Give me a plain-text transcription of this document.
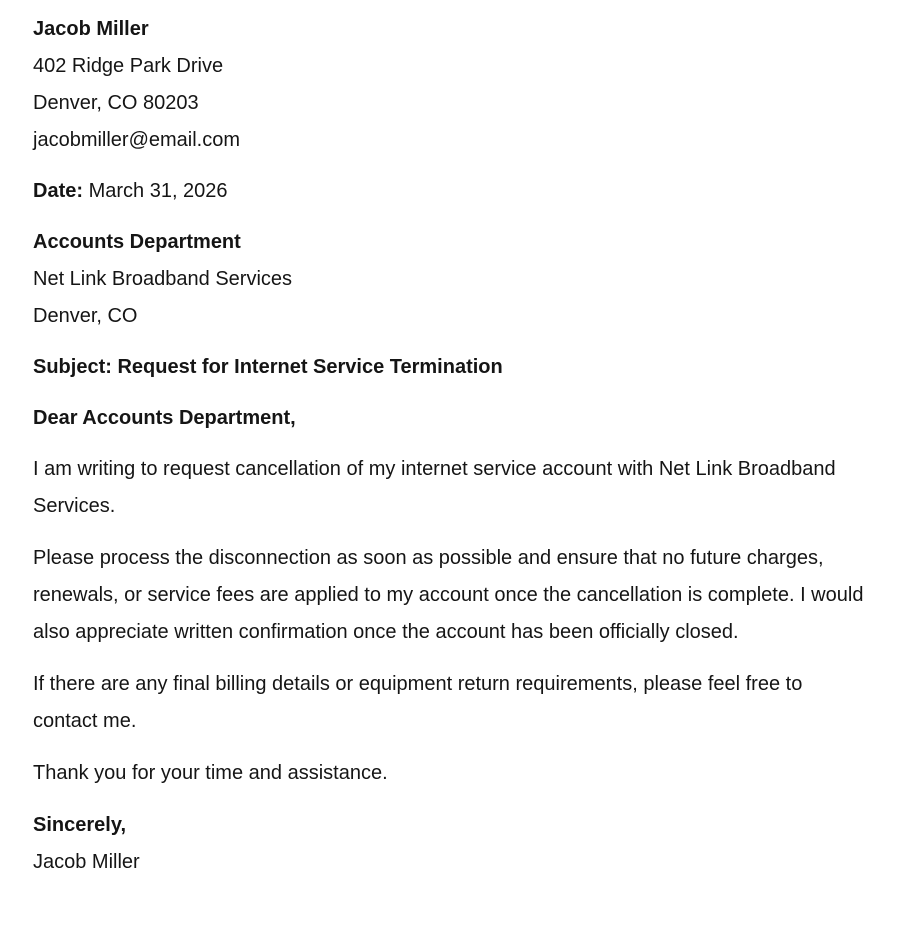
Jacob Miller

402 Ridge Park Drive

Denver, CO 80203

jacobmiller@email.com

Date: March 31, 2026

Accounts Department

Net Link Broadband Services

Denver, CO

Subject: Request for Internet Service Termination
Dear Accounts Department,

I am writing to request cancellation of my internet service account with Net Link Broadband Services.

Please process the disconnection as soon as possible and ensure that no future charges, renewals, or service fees are applied to my account once the cancellation is complete. I would also appreciate written confirmation once the account has been officially closed.

If there are any final billing details or equipment return requirements, please feel free to contact me.

Thank you for your time and assistance.

Sincerely,

Jacob Miller
